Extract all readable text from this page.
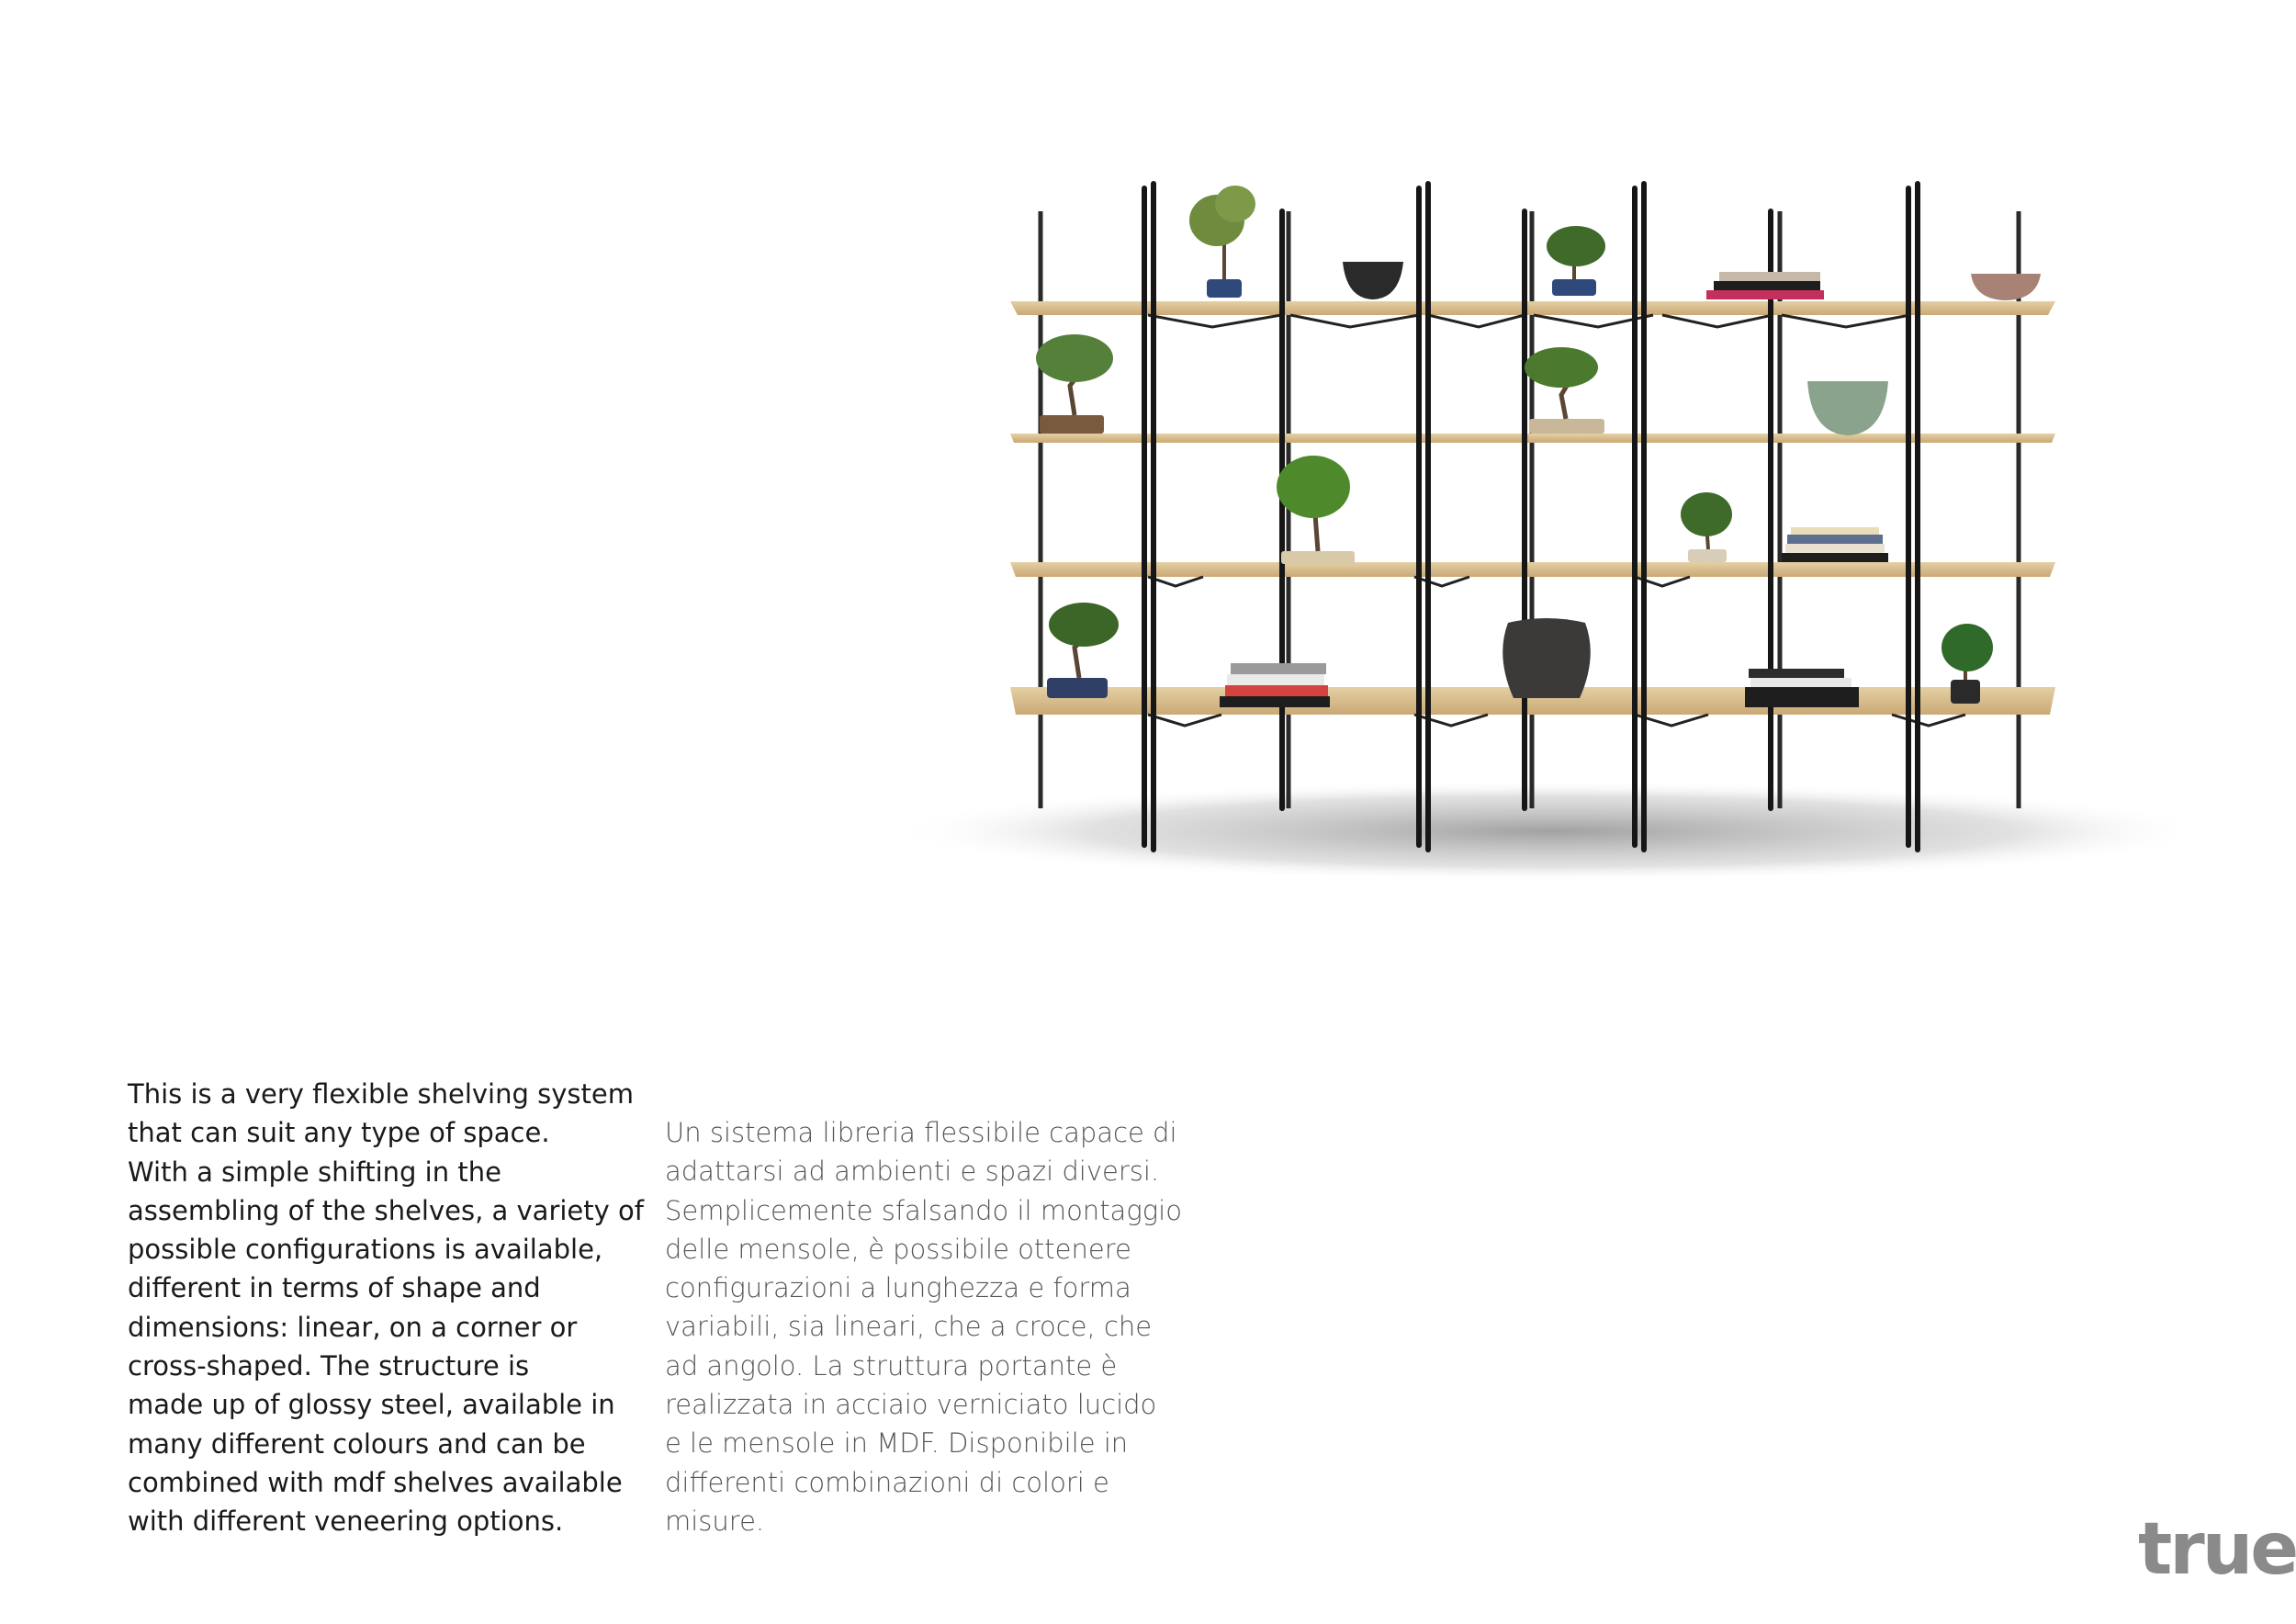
This is a very flexible shelving system
that can suit any type of space.
With a simple shifting in the
assembling of the shelves, a variety of
possible configurations is available,
different in terms of shape and
dimensions: linear, on a corner or
cross-shaped. The structure is
made up of glossy steel, available in
many different colours and can be
combined with mdf shelves available
with different veneering options.
Un sistema libreria flessibile capace di
adattarsi ad ambienti e spazi diversi.
Semplicemente sfalsando il montaggio
delle mensole, è possibile ottenere
configurazioni a lunghezza e forma
variabili, sia lineari, che a croce, che
ad angolo. La struttura portante è
realizzata in acciaio verniciato lucido
e le mensole in MDF. Disponibile in
differenti combinazioni di colori e
misure.	true
